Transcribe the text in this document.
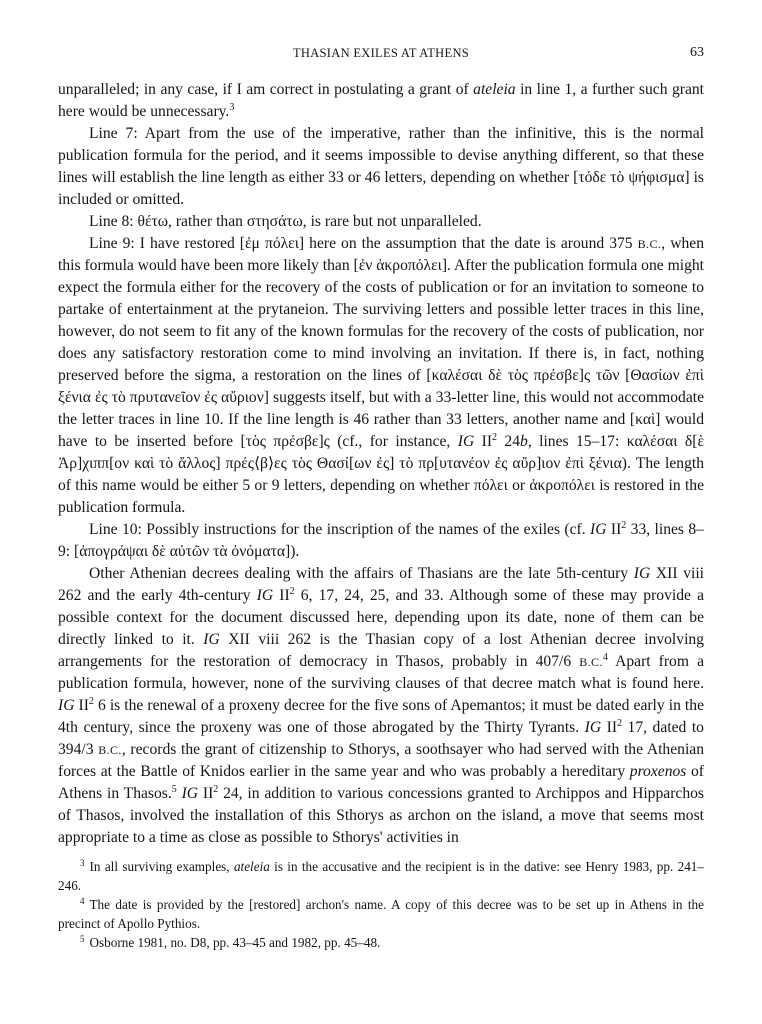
THASIAN EXILES AT ATHENS	63

unparalleled; in any case, if I am correct in postulating a grant of ateleia in line 1, a further such grant here would be unnecessary.$^3$

Line 7: Apart from the use of the imperative, rather than the infinitive, this is the normal publication formula for the period, and it seems impossible to devise anything different, so that these lines will establish the line length as either 33 or 46 letters, depending on whether [τόδε τὸ ψήφισμα] is included or omitted.

Line 8: θέτω, rather than στησάτω, is rare but not unparalleled.

Line 9: I have restored [ἐμ πόλει] here on the assumption that the date is around 375 B.C., when this formula would have been more likely than [ἐν ἀκροπόλει]. After the publication formula one might expect the formula either for the recovery of the costs of publication or for an invitation to someone to partake of entertainment at the prytaneion. The surviving letters and possible letter traces in this line, however, do not seem to fit any of the known formulas for the recovery of the costs of publication, nor does any satisfactory restoration come to mind involving an invitation. If there is, in fact, nothing preserved before the sigma, a restoration on the lines of [καλέσαι δὲ τὸς πρέσβε]ς τῶν [Θασίων ἐπὶ ξένια ἐς τὸ πρυτανεῖον ἐς αὔριον] suggests itself, but with a 33-letter line, this would not accommodate the letter traces in line 10. If the line length is 46 rather than 33 letters, another name and [καὶ] would have to be inserted before [τὸς πρέσβε]ς (cf., for instance, IG $II^2$ 24b, lines 15–17: καλέσαι δ[ὲ Ἀρ]χιππ[ον καὶ τὸ ἄλλος] πρές⟨β⟩ες τὸς Θασί[ων ἐς] τὸ πρ[υτανέον ἐς αὔρ]ιον ἐπὶ ξένια). The length of this name would be either 5 or 9 letters, depending on whether πόλει or ἀκροπόλει is restored in the publication formula.

Line 10: Possibly instructions for the inscription of the names of the exiles (cf. IG $II^2$ 33, lines 8–9: [ἀπογράψαι δὲ αὐτῶν τὰ ὀνόματα]).

Other Athenian decrees dealing with the affairs of Thasians are the late 5th-century IG XII viii 262 and the early 4th-century IG $II^2$ 6, 17, 24, 25, and 33. Although some of these may provide a possible context for the document discussed here, depending upon its date, none of them can be directly linked to it. IG XII viii 262 is the Thasian copy of a lost Athenian decree involving arrangements for the restoration of democracy in Thasos, probably in 407/6 B.C.$^4$ Apart from a publication formula, however, none of the surviving clauses of that decree match what is found here. IG $II^2$ 6 is the renewal of a proxeny decree for the five sons of Apemantos; it must be dated early in the 4th century, since the proxeny was one of those abrogated by the Thirty Tyrants. IG $II^2$ 17, dated to 394/3 B.C., records the grant of citizenship to Sthorys, a soothsayer who had served with the Athenian forces at the Battle of Knidos earlier in the same year and who was probably a hereditary proxenos of Athens in Thasos.$^5$ IG $II^2$ 24, in addition to various concessions granted to Archippos and Hipparchos of Thasos, involved the installation of this Sthorys as archon on the island, a move that seems most appropriate to a time as close as possible to Sthorys' activities in

$^3$ In all surviving examples, ateleia is in the accusative and the recipient is in the dative: see Henry 1983, pp. 241–246.

$^4$ The date is provided by the [restored] archon's name. A copy of this decree was to be set up in Athens in the precinct of Apollo Pythios.

$^5$ Osborne 1981, no. D8, pp. 43–45 and 1982, pp. 45–48.
